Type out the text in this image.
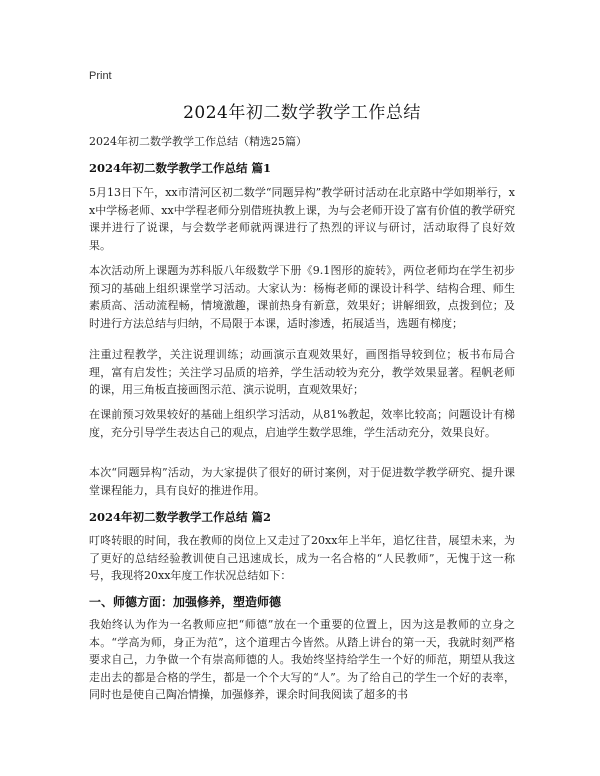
Print
2024年初二数学教学工作总结
2024年初二数学教学工作总结（精选25篇）
2024年初二数学教学工作总结 篇1
5月13日下午，xx市清河区初二数学“同题异构”教学研讨活动在北京路中学如期举行，xx中学杨老师、xx中学程老师分别借班执教上课，为与会老师开设了富有价值的教学研究课并进行了说课，与会数学老师就两课进行了热烈的评议与研讨，活动取得了良好效果。
本次活动所上课题为苏科版八年级数学下册《9.1图形的旋转》，两位老师均在学生初步预习的基础上组织课堂学习活动。大家认为：杨梅老师的课设计科学、结构合理、师生素质高、活动流程畅，情境激趣，课前热身有新意，效果好；讲解细致，点拨到位；及时进行方法总结与归纳，不局限于本课，适时渗透，拓展适当，选题有梯度；
注重过程教学，关注说理训练；动画演示直观效果好，画图指导较到位；板书布局合理，富有启发性；关注学习品质的培养，学生活动较为充分，教学效果显著。程帆老师的课，用三角板直接画图示范、演示说明，直观效果好；
在课前预习效果较好的基础上组织学习活动，从81%教起，效率比较高；问题设计有梯度，充分引导学生表达自己的观点，启迪学生数学思维，学生活动充分，效果良好。
本次“同题异构”活动，为大家提供了很好的研讨案例，对于促进数学教学研究、提升课堂课程能力，具有良好的推进作用。
2024年初二数学教学工作总结 篇2
叮咚转眼的时间，我在教师的岗位上又走过了20xx年上半年，追忆往昔，展望未来，为了更好的总结经验教训使自己迅速成长，成为一名合格的“人民教师”，无愧于这一称号，我现将20xx年度工作状况总结如下：
一、师德方面：加强修养，塑造师德
我始终认为作为一名教师应把“师德”放在一个重要的位置上，因为这是教师的立身之本。“学高为师，身正为范”，这个道理古今皆然。从踏上讲台的第一天，我就时刻严格要求自己，力争做一个有崇高师德的人。我始终坚持给学生一个好的师范，期望从我这走出去的都是合格的学生，都是一个个大写的“人”。为了给自己的学生一个好的表率，同时也是使自己陶冶情操，加强修养，课余时间我阅读了超多的书
